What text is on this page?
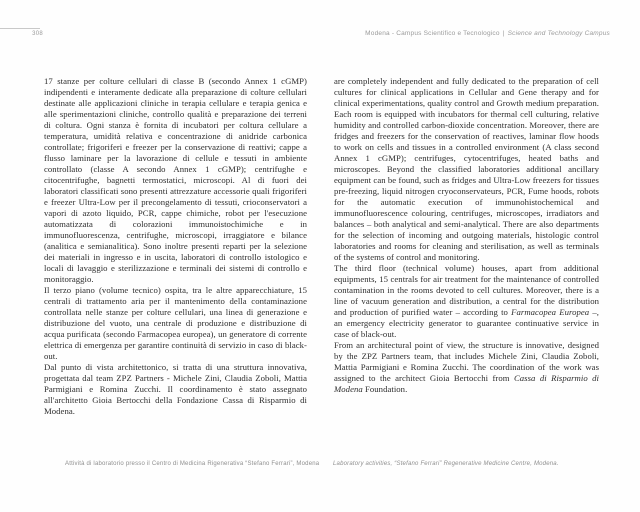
308	Modena - Campus Scientifico e Tecnologico | Science and Technology Campus

17 stanze per colture cellulari di classe B (secondo Annex 1 cGMP) indipendenti e interamente dedicate alla preparazione di colture cellulari destinate alle applicazioni cliniche in terapia cellulare e terapia genica e alle sperimentazioni cliniche, controllo qualità e preparazione dei terreni di coltura. Ogni stanza è fornita di incubatori per coltura cellulare a temperatura, umidità relativa e concentrazione di anidride carbonica controllate; frigoriferi e freezer per la conservazione di reattivi; cappe a flusso laminare per la lavorazione di cellule e tessuti in ambiente controllato (classe A secondo Annex 1 cGMP); centrifughe e citocentrifughe, bagnetti termostatici, microscopi. Al di fuori dei laboratori classificati sono presenti attrezzature accessorie quali frigoriferi e freezer Ultra-Low per il precongelamento di tessuti, crioconservatori a vapori di azoto liquido, PCR, cappe chimiche, robot per l'esecuzione automatizzata di colorazioni immunoistochimiche e in immunofluorescenza, centrifughe, microscopi, irraggiatore e bilance (analitica e semianalitica). Sono inoltre presenti reparti per la selezione dei materiali in ingresso e in uscita, laboratori di controllo istologico e locali di lavaggio e sterilizzazione e terminali dei sistemi di controllo e monitoraggio.

Il terzo piano (volume tecnico) ospita, tra le altre apparecchiature, 15 centrali di trattamento aria per il mantenimento della contaminazione controllata nelle stanze per colture cellulari, una linea di generazione e distribuzione del vuoto, una centrale di produzione e distribuzione di acqua purificata (secondo Farmacopea europea), un generatore di corrente elettrica di emergenza per garantire continuità di servizio in caso di black-out.

Dal punto di vista architettonico, si tratta di una struttura innovativa, progettata dal team ZPZ Partners - Michele Zini, Claudia Zoboli, Mattia Parmigiani e Romina Zucchi. Il coordinamento è stato assegnato all'architetto Gioia Bertocchi della Fondazione Cassa di Risparmio di Modena.

are completely independent and fully dedicated to the preparation of cell cultures for clinical applications in Cellular and Gene therapy and for clinical experimentations, quality control and Growth medium preparation. Each room is equipped with incubators for thermal cell culturing, relative humidity and controlled carbon-dioxide concentration. Moreover, there are fridges and freezers for the conservation of reactives, laminar flow hoods to work on cells and tissues in a controlled environment (A class second Annex 1 cGMP); centrifuges, cytocentrifuges, heated baths and microscopes. Beyond the classified laboratories additional ancillary equipment can be found, such as fridges and Ultra-Low freezers for tissues pre-freezing, liquid nitrogen cryoconservateurs, PCR, Fume hoods, robots for the automatic execution of immunohistochemical and immunofluorescence colouring, centrifuges, microscopes, irradiators and balances – both analytical and semi-analytical. There are also departments for the selection of incoming and outgoing materials, histologic control laboratories and rooms for cleaning and sterilisation, as well as terminals of the systems of control and monitoring.

The third floor (technical volume) houses, apart from additional equipments, 15 centrals for air treatment for the maintenance of controlled contamination in the rooms devoted to cell cultures. Moreover, there is a line of vacuum generation and distribution, a central for the distribution and production of purified water – according to Farmacopea Europea –, an emergency electricity generator to guarantee continuative service in case of black-out.

From an architectural point of view, the structure is innovative, designed by the ZPZ Partners team, that includes Michele Zini, Claudia Zoboli, Mattia Parmigiani e Romina Zucchi. The coordination of the work was assigned to the architect Gioia Bertocchi from Cassa di Risparmio di Modena Foundation.

Attività di laboratorio presso il Centro di Medicina Rigenerativa “Stefano Ferrari”, Modena Laboratory activities, “Stefano Ferrari” Regenerative Medicine Centre, Modena.
